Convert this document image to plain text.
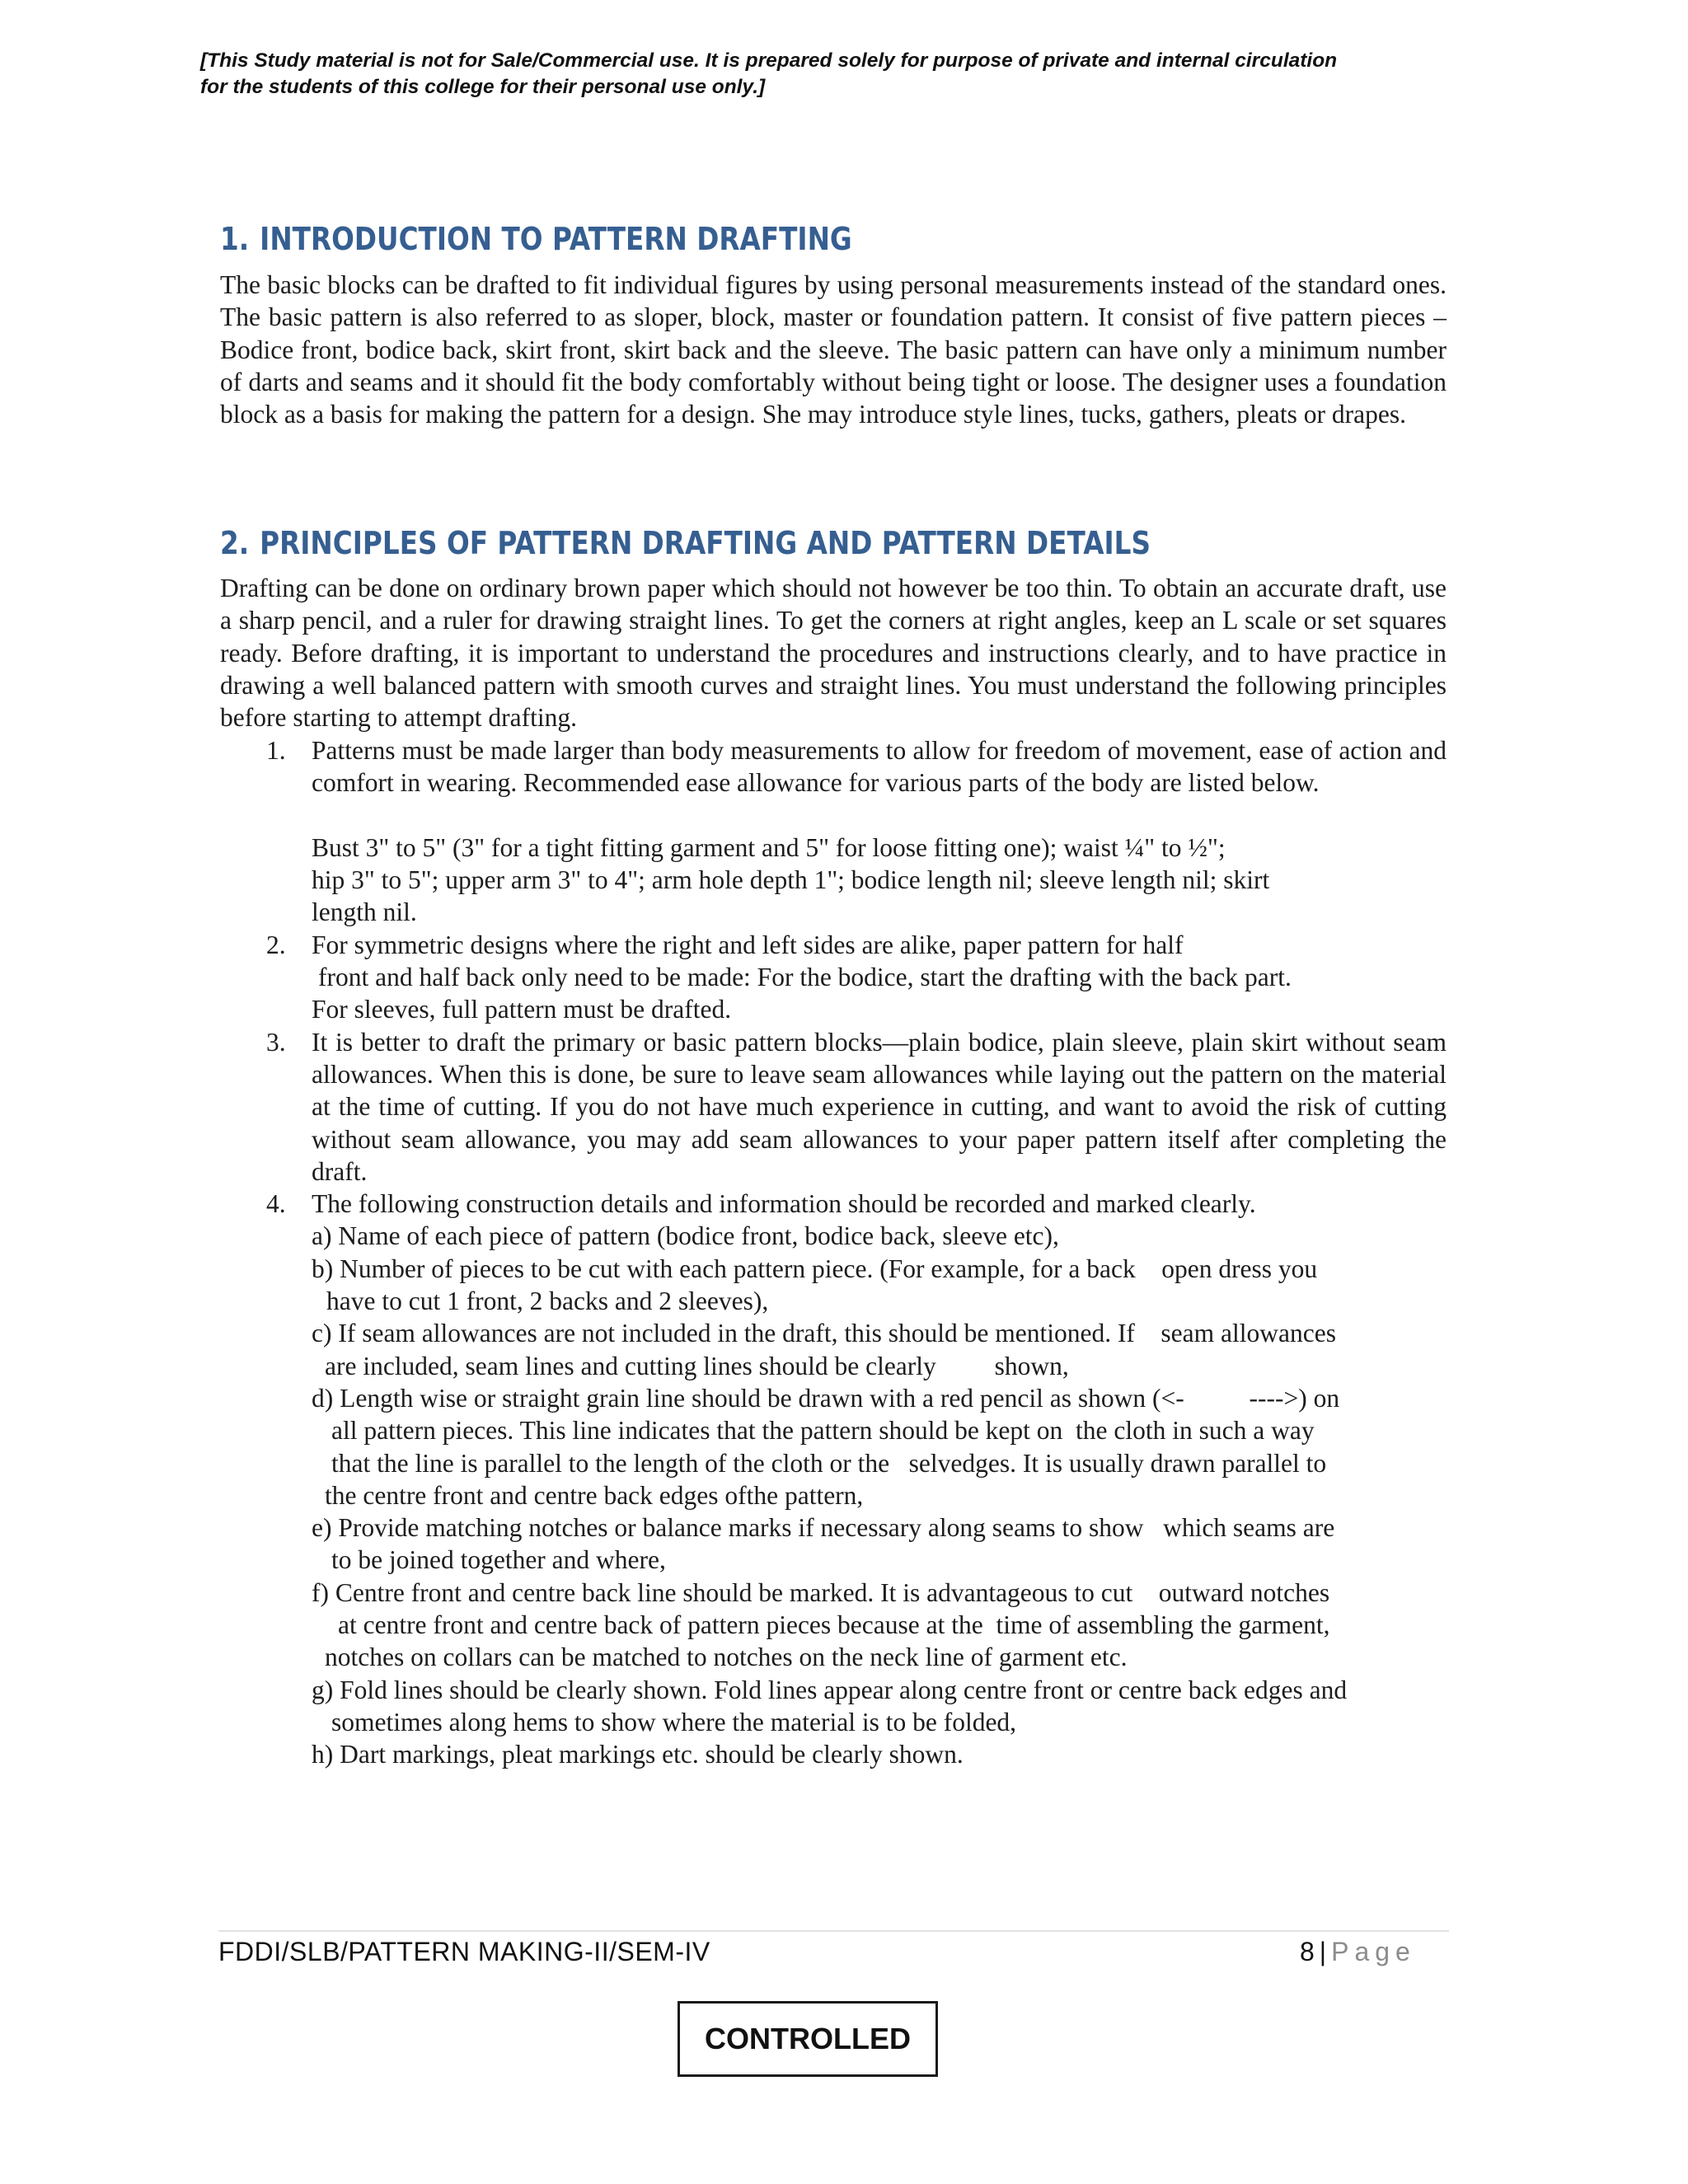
[This Study material is not for Sale/Commercial use. It is prepared solely for purpose of private and internal circulation
for the students of this college for their personal use only.]
1. INTRODUCTION TO PATTERN DRAFTING
The basic blocks can be drafted to fit individual figures by using personal measurements instead of the standard ones. The basic pattern is also referred to as sloper, block, master or foundation pattern. It consist of five pattern pieces – Bodice front, bodice back, skirt front, skirt back and the sleeve. The basic pattern can have only a minimum number of darts and seams and it should fit the body comfortably without being tight or loose. The designer uses a foundation block as a basis for making the pattern for a design. She may introduce style lines, tucks, gathers, pleats or drapes.
2. PRINCIPLES OF PATTERN DRAFTING AND PATTERN DETAILS
Drafting can be done on ordinary brown paper which should not however be too thin. To obtain an accurate draft, use a sharp pencil, and a ruler for drawing straight lines. To get the corners at right angles, keep an L scale or set squares ready. Before drafting, it is important to understand the procedures and instructions clearly, and to have practice in drawing a well balanced pattern with smooth curves and straight lines. You must understand the following principles before starting to attempt drafting.
1. Patterns must be made larger than body measurements to allow for freedom of movement, ease of action and comfort in wearing. Recommended ease allowance for various parts of the body are listed below.
Bust 3" to 5" (3" for a tight fitting garment and 5" for loose fitting one); waist ¼" to ½";
hip 3" to 5"; upper arm 3" to 4"; arm hole depth 1"; bodice length nil; sleeve length nil; skirt
length nil.
2. For symmetric designs where the right and left sides are alike, paper pattern for half
front and half back only need to be made: For the bodice, start the drafting with the back part.
For sleeves, full pattern must be drafted.
3. It is better to draft the primary or basic pattern blocks—plain bodice, plain sleeve, plain skirt without seam allowances. When this is done, be sure to leave seam allowances while laying out the pattern on the material at the time of cutting. If you do not have much experience in cutting, and want to avoid the risk of cutting without seam allowance, you may add seam allowances to your paper pattern itself after completing the draft.
4. The following construction details and information should be recorded and marked clearly.
a) Name of each piece of pattern (bodice front, bodice back, sleeve etc),
b) Number of pieces to be cut with each pattern piece. (For example, for a back    open dress you
have to cut 1 front, 2 backs and 2 sleeves),
c) If seam allowances are not included in the draft, this should be mentioned. If    seam allowances
are included, seam lines and cutting lines should be clearly         shown,
d) Length wise or straight grain line should be drawn with a red pencil as shown (<-          ---->) on
all pattern pieces. This line indicates that the pattern should be kept on  the cloth in such a way
that the line is parallel to the length of the cloth or the   selvedges. It is usually drawn parallel to
the centre front and centre back edges ofthe pattern,
e) Provide matching notches or balance marks if necessary along seams to show   which seams are
to be joined together and where,
f) Centre front and centre back line should be marked. It is advantageous to cut    outward notches
at centre front and centre back of pattern pieces because at the  time of assembling the garment,
notches on collars can be matched to notches on the neck line of garment etc.
g) Fold lines should be clearly shown. Fold lines appear along centre front or centre back edges and
sometimes along hems to show where the material is to be folded,
h) Dart markings, pleat markings etc. should be clearly shown.
FDDI/SLB/PATTERN MAKING-II/SEM-IV	8 | Page
CONTROLLED
